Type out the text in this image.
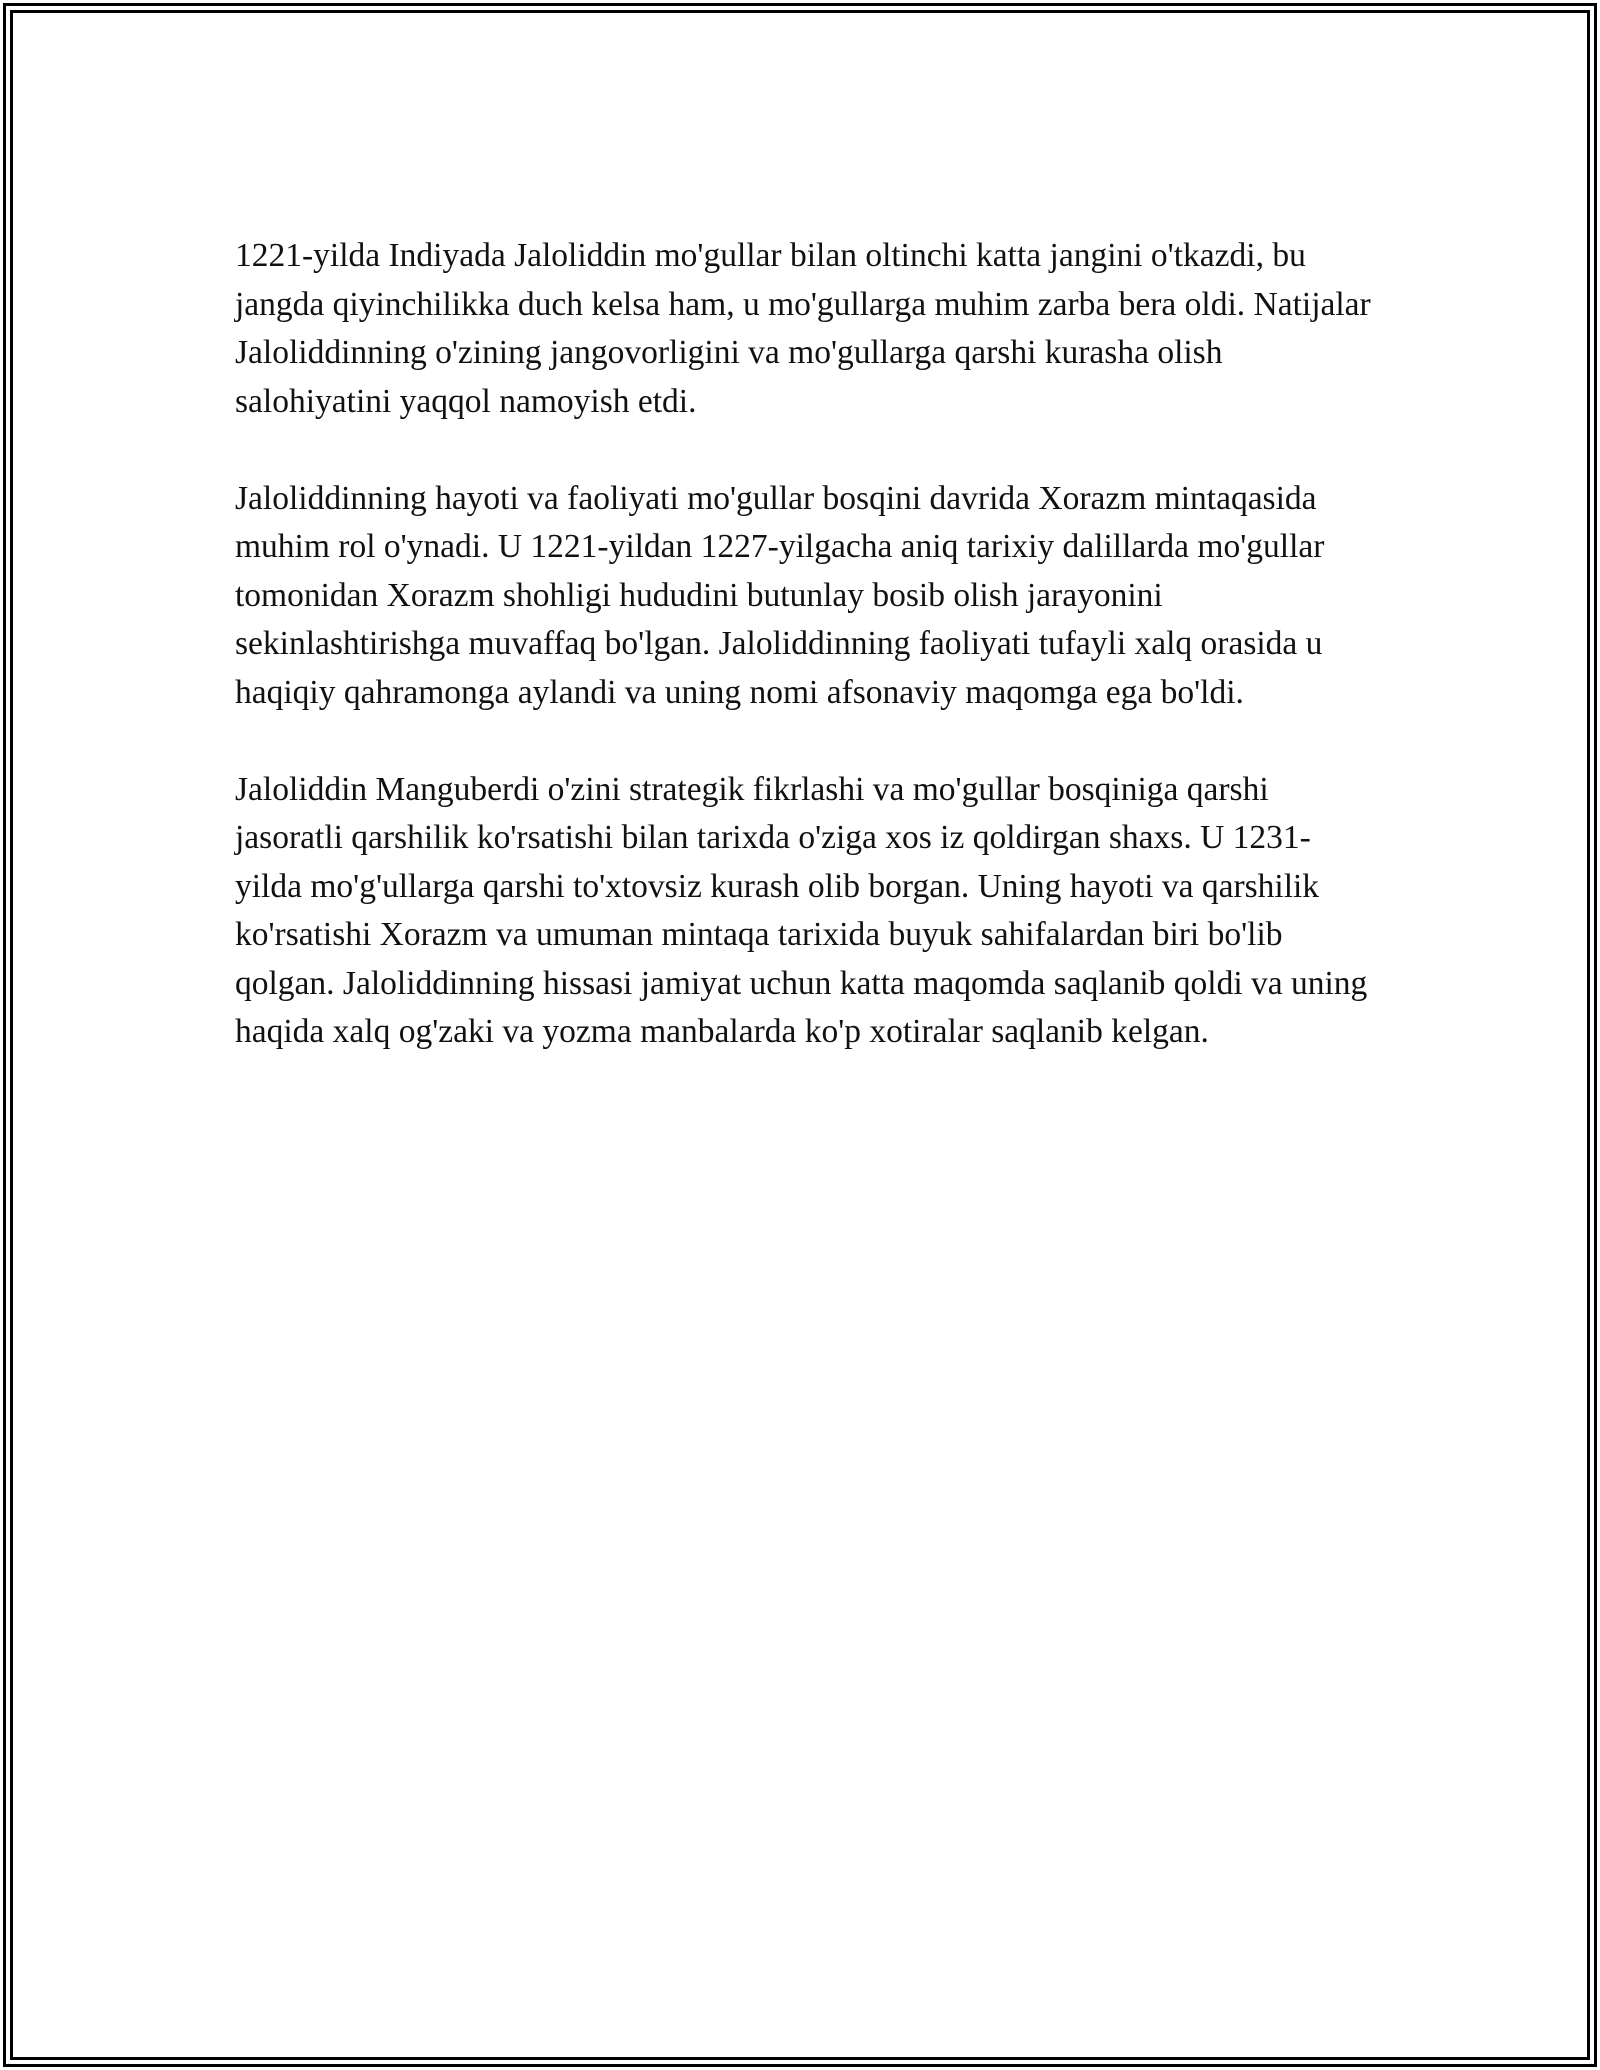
1221-yilda Indiyada Jaloliddin mo'gullar bilan oltinchi katta jangini o'tkazdi, bu jangda qiyinchilikka duch kelsa ham, u mo'gullarga muhim zarba bera oldi. Natijalar Jaloliddinning o'zining jangovorligini va mo'gullarga qarshi kurasha olish salohiyatini yaqqol namoyish etdi.

Jaloliddinning hayoti va faoliyati mo'gullar bosqini davrida Xorazm mintaqasida muhim rol o'ynadi. U 1221-yildan 1227-yilgacha aniq tarixiy dalillarda mo'gullar tomonidan Xorazm shohligi hududini butunlay bosib olish jarayonini sekinlashtirishga muvaffaq bo'lgan. Jaloliddinning faoliyati tufayli xalq orasida u haqiqiy qahramonga aylandi va uning nomi afsonaviy maqomga ega bo'ldi.

Jaloliddin Manguberdi o'zini strategik fikrlashi va mo'gullar bosqiniga qarshi jasoratli qarshilik ko'rsatishi bilan tarixda o'ziga xos iz qoldirgan shaxs. U 1231-yilda mo'g'ullarga qarshi to'xtovsiz kurash olib borgan. Uning hayoti va qarshilik ko'rsatishi Xorazm va umuman mintaqa tarixida buyuk sahifalardan biri bo'lib qolgan. Jaloliddinning hissasi jamiyat uchun katta maqomda saqlanib qoldi va uning haqida xalq og'zaki va yozma manbalarda ko'p xotiralar saqlanib kelgan.
